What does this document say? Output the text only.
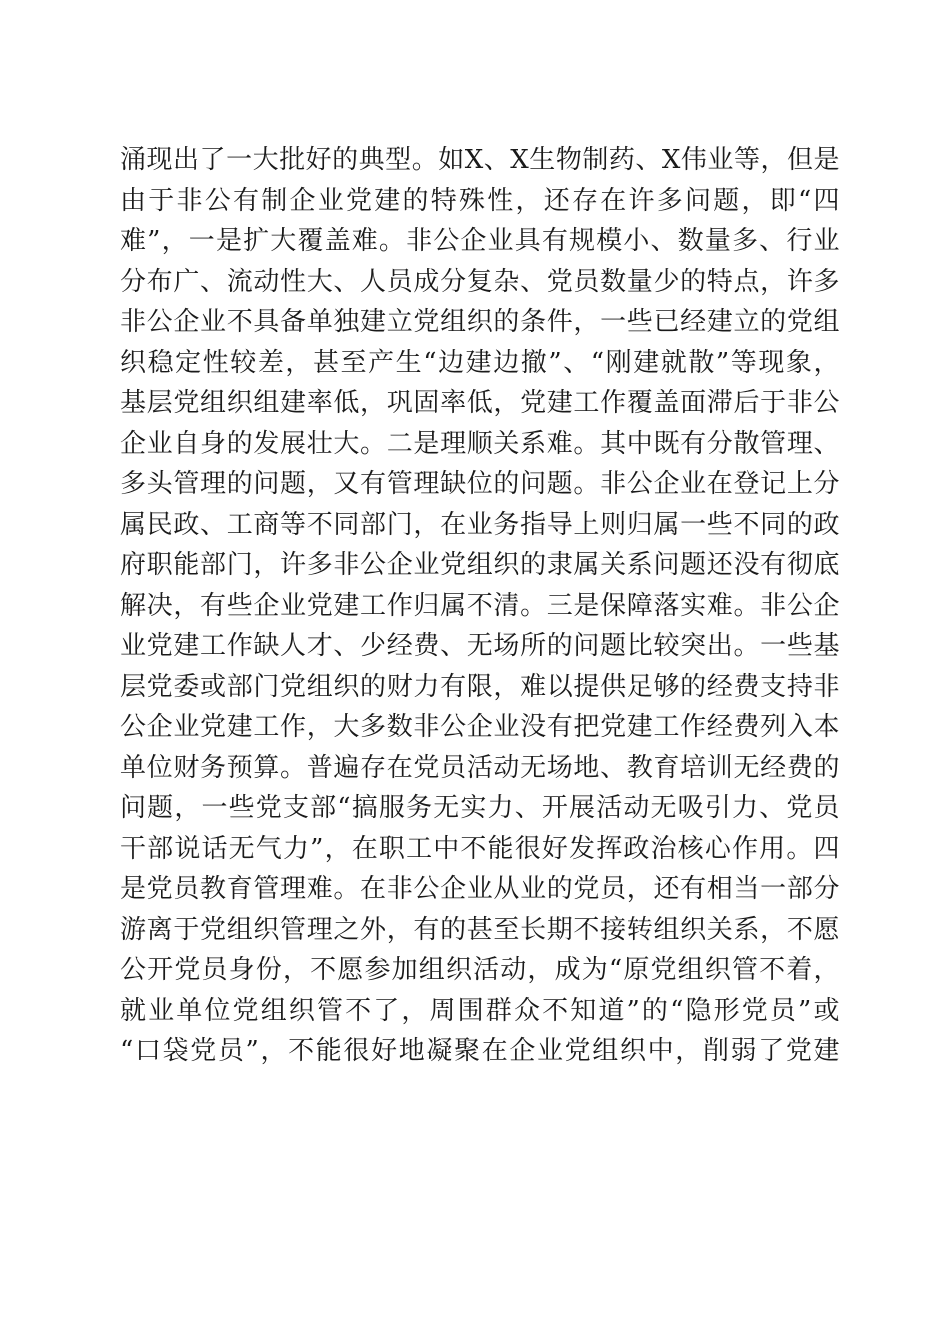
涌现出了一大批好的典型。如X、X生物制药、X伟业等，但是
由于非公有制企业党建的特殊性，还存在许多问题，即“四
难”，一是扩大覆盖难。非公企业具有规模小、数量多、行业
分布广、流动性大、人员成分复杂、党员数量少的特点，许多
非公企业不具备单独建立党组织的条件，一些已经建立的党组
织稳定性较差，甚至产生“边建边撤”、“刚建就散”等现象，
基层党组织组建率低，巩固率低，党建工作覆盖面滞后于非公
企业自身的发展壮大。二是理顺关系难。其中既有分散管理、
多头管理的问题，又有管理缺位的问题。非公企业在登记上分
属民政、工商等不同部门，在业务指导上则归属一些不同的政
府职能部门，许多非公企业党组织的隶属关系问题还没有彻底
解决，有些企业党建工作归属不清。三是保障落实难。非公企
业党建工作缺人才、少经费、无场所的问题比较突出。一些基
层党委或部门党组织的财力有限，难以提供足够的经费支持非
公企业党建工作，大多数非公企业没有把党建工作经费列入本
单位财务预算。普遍存在党员活动无场地、教育培训无经费的
问题，一些党支部“搞服务无实力、开展活动无吸引力、党员
干部说话无气力”，在职工中不能很好发挥政治核心作用。四
是党员教育管理难。在非公企业从业的党员，还有相当一部分
游离于党组织管理之外，有的甚至长期不接转组织关系，不愿
公开党员身份，不愿参加组织活动，成为“原党组织管不着，
就业单位党组织管不了，周围群众不知道”的“隐形党员”或
“口袋党员”，不能很好地凝聚在企业党组织中，削弱了党建
